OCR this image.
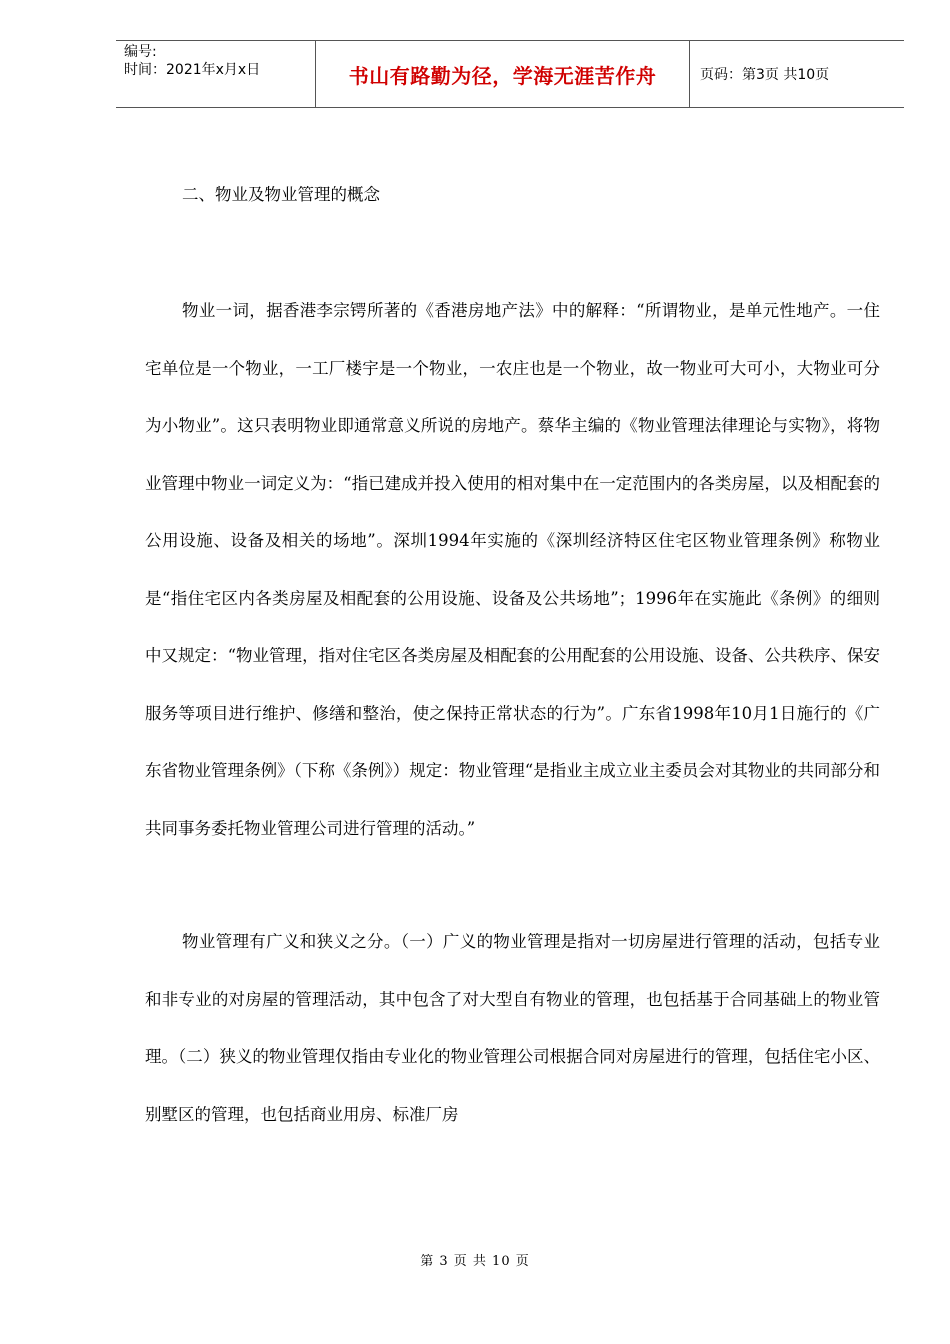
编号:
时间：2021年x月x日	书山有路勤为径，学海无涯苦作舟	页码：第3页 共10页

二、物业及物业管理的概念

物业一词，据香港李宗锷所著的《香港房地产法》中的解释：“所谓物业，是单元性地产。一住宅单位是一个物业，一工厂楼宇是一个物业，一农庄也是一个物业，故一物业可大可小，大物业可分为小物业”。这只表明物业即通常意义所说的房地产。蔡华主编的《物业管理法律理论与实物》，将物业管理中物业一词定义为：“指已建成并投入使用的相对集中在一定范围内的各类房屋，以及相配套的公用设施、设备及相关的场地”。深圳1994年实施的《深圳经济特区住宅区物业管理条例》称物业是“指住宅区内各类房屋及相配套的公用设施、设备及公共场地”；1996年在实施此《条例》的细则中又规定：“物业管理，指对住宅区各类房屋及相配套的公用配套的公用设施、设备、公共秩序、保安服务等项目进行维护、修缮和整治，使之保持正常状态的行为”。广东省1998年10月1日施行的《广东省物业管理条例》（下称《条例》）规定：物业管理“是指业主成立业主委员会对其物业的共同部分和共同事务委托物业管理公司进行管理的活动。”

物业管理有广义和狭义之分。（一）广义的物业管理是指对一切房屋进行管理的活动，包括专业和非专业的对房屋的管理活动，其中包含了对大型自有物业的管理，也包括基于合同基础上的物业管理。（二）狭义的物业管理仅指由专业化的物业管理公司根据合同对房屋进行的管理，包括住宅小区、别墅区的管理，也包括商业用房、标准厂房

第 3 页 共 10 页
